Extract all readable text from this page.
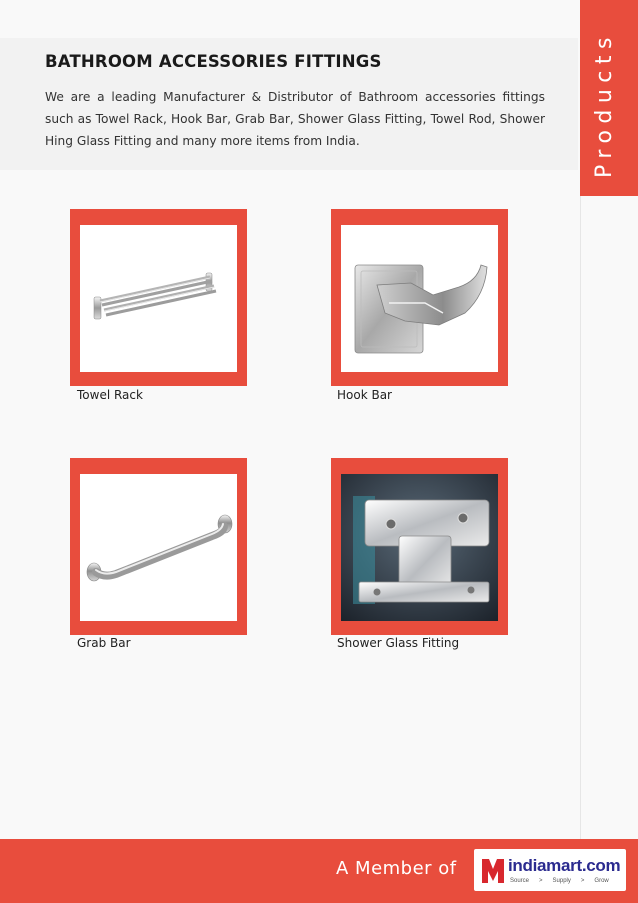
BATHROOM ACCESSORIES FITTINGS

We are a leading Manufacturer & Distributor of Bathroom accessories fittings such as Towel Rack, Hook Bar, Grab Bar, Shower Glass Fitting, Towel Rod, Shower Hing Glass Fitting and many more items from India.	Products
Towel Rack	Hook Bar
Grab Bar	Shower Glass Fitting
A Member of	indiamart.com
Source > Supply > Grow
